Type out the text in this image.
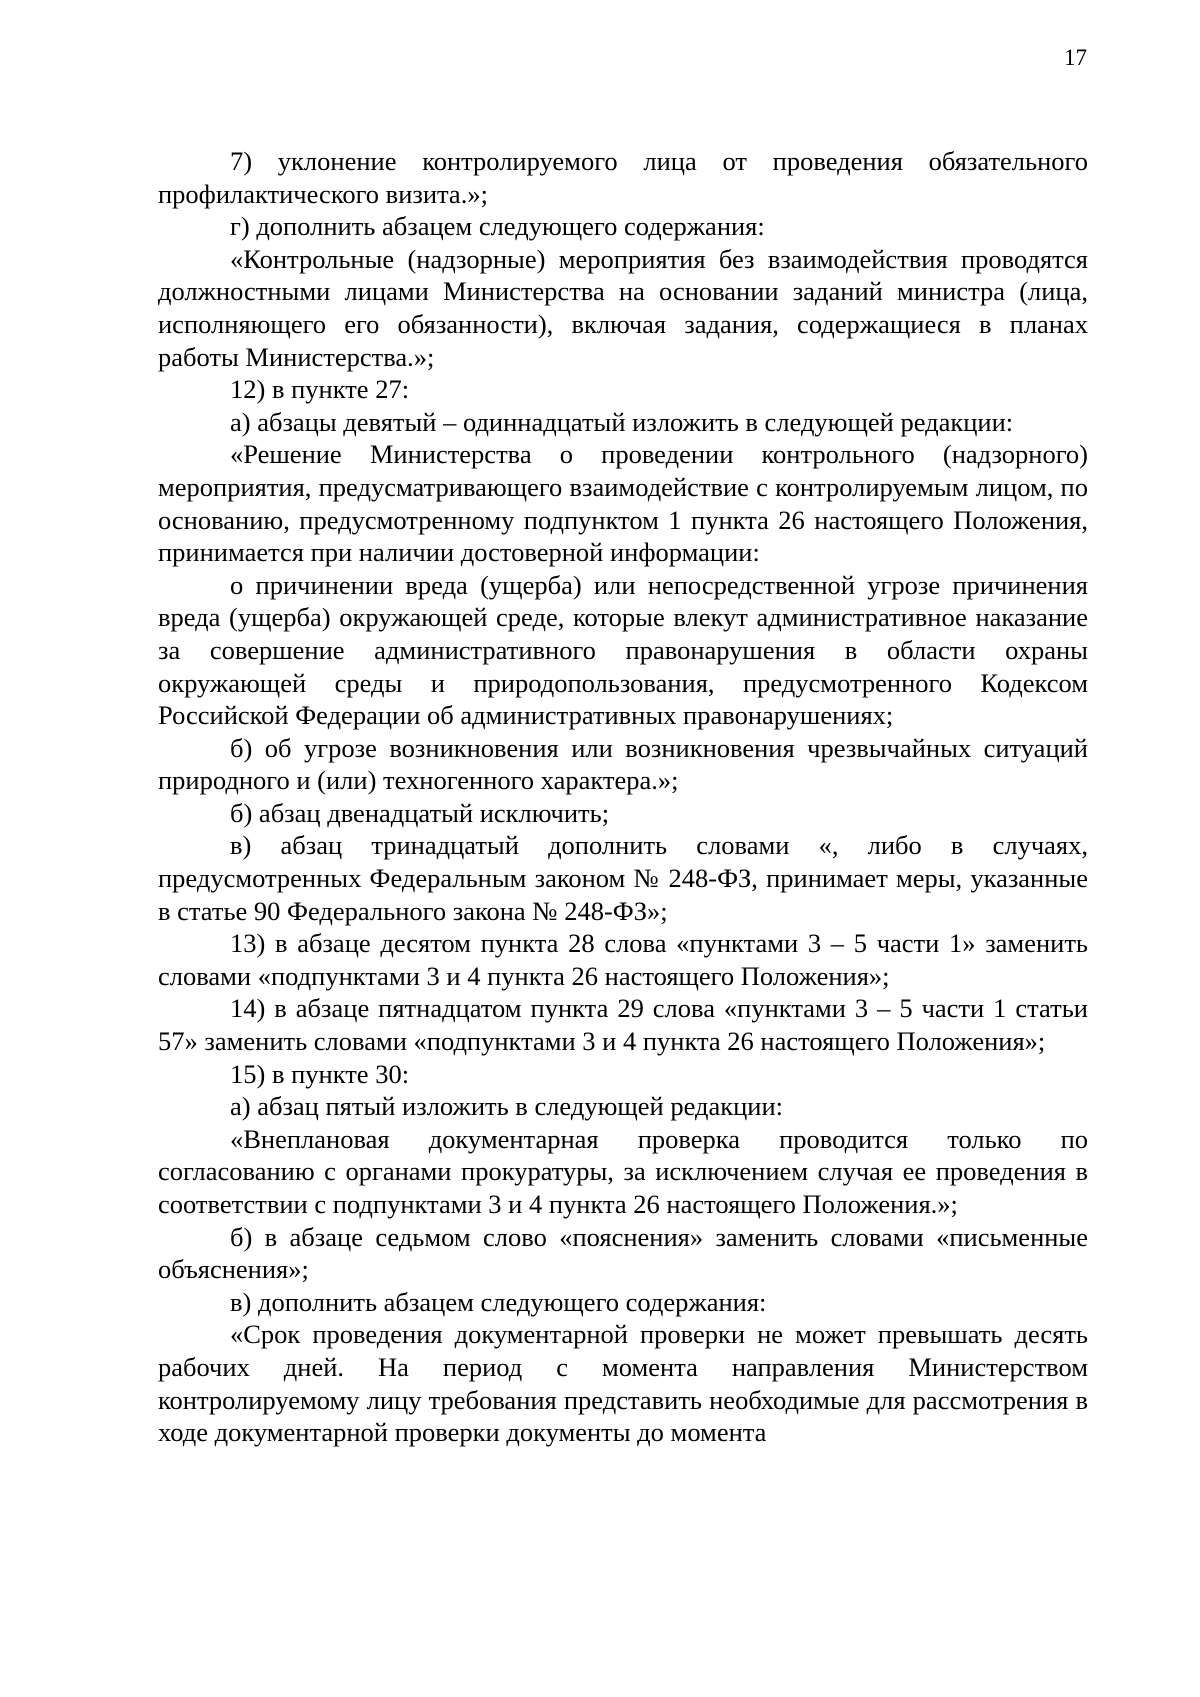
17

7) уклонение контролируемого лица от проведения обязательного профилактического визита.»;

г) дополнить абзацем следующего содержания:

«Контрольные (надзорные) мероприятия без взаимодействия проводятся должностными лицами Министерства на основании заданий министра (лица, исполняющего его обязанности), включая задания, содержащиеся в планах работы Министерства.»;

12) в пункте 27:

а) абзацы девятый – одиннадцатый изложить в следующей редакции:

«Решение Министерства о проведении контрольного (надзорного) мероприятия, предусматривающего взаимодействие с контролируемым лицом, по основанию, предусмотренному подпунктом 1 пункта 26 настоящего Положения, принимается при наличии достоверной информации:

о причинении вреда (ущерба) или непосредственной угрозе причинения вреда (ущерба) окружающей среде, которые влекут административное наказание за совершение административного правонарушения в области охраны окружающей среды и природопользования, предусмотренного Кодексом Российской Федерации об административных правонарушениях;

б) об угрозе возникновения или возникновения чрезвычайных ситуаций природного и (или) техногенного характера.»;

б) абзац двенадцатый исключить;

в) абзац тринадцатый дополнить словами «, либо в случаях, предусмотренных Федеральным законом № 248-ФЗ, принимает меры, указанные в статье 90 Федерального закона № 248-ФЗ»;

13) в абзаце десятом пункта 28 слова «пунктами 3 – 5 части 1» заменить словами «подпунктами 3 и 4 пункта 26 настоящего Положения»;

14) в абзаце пятнадцатом пункта 29 слова «пунктами 3 – 5 части 1 статьи 57» заменить словами «подпунктами 3 и 4 пункта 26 настоящего Положения»;

15) в пункте 30:

а) абзац пятый изложить в следующей редакции:

«Внеплановая документарная проверка проводится только по согласованию с органами прокуратуры, за исключением случая ее проведения в соответствии с подпунктами 3 и 4 пункта 26 настоящего Положения.»;

б) в абзаце седьмом слово «пояснения» заменить словами «письменные объяснения»;

в) дополнить абзацем следующего содержания:

«Срок проведения документарной проверки не может превышать десять рабочих дней. На период с момента направления Министерством контролируемому лицу требования представить необходимые для рассмотрения в ходе документарной проверки документы до момента
